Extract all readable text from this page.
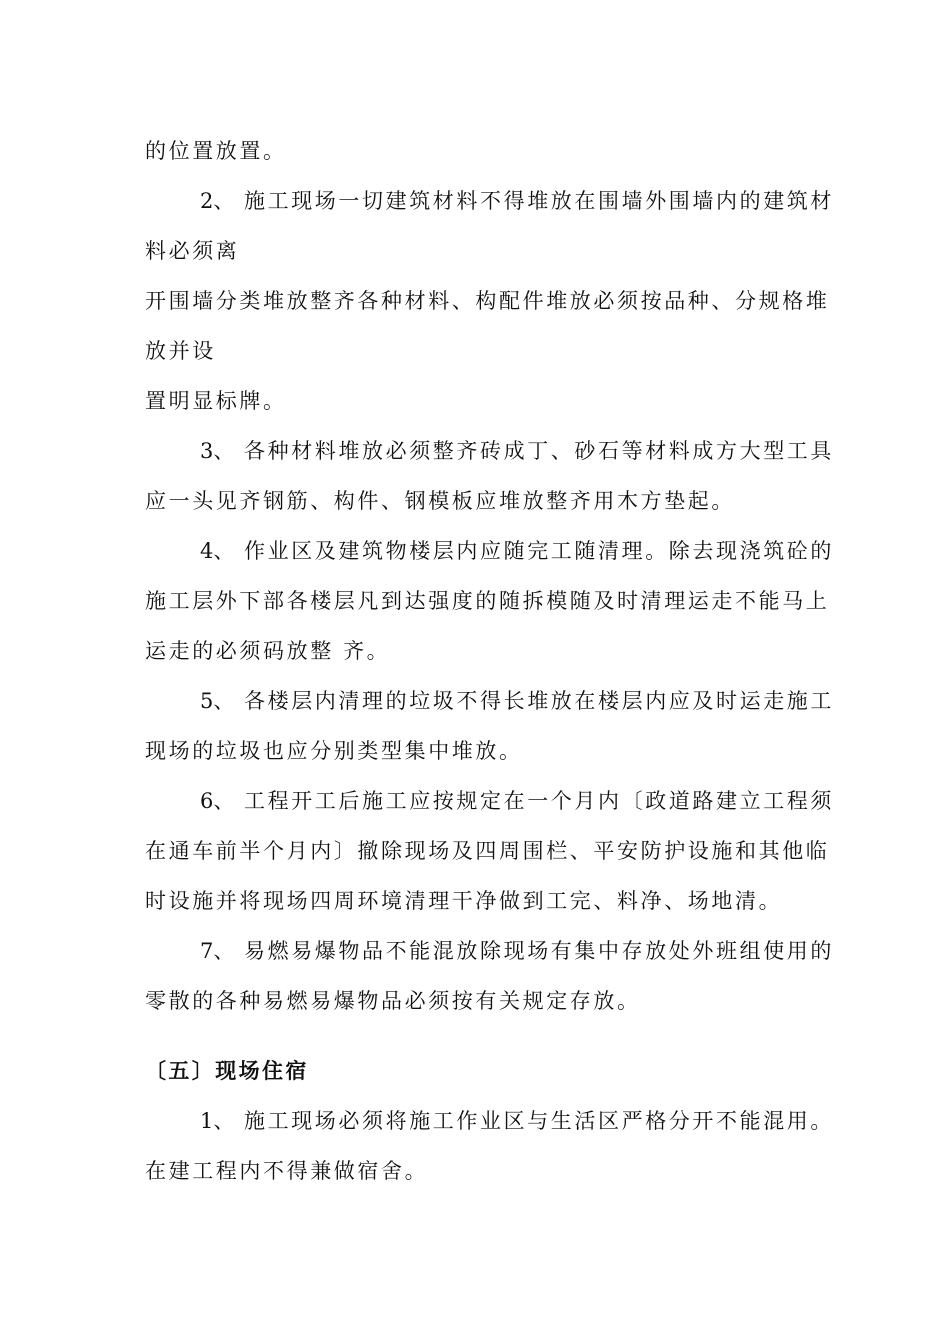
的位置放置。
2、 施工现场一切建筑材料不得堆放在围墙外围墙内的建筑材
料必须离
开围墙分类堆放整齐各种材料、构配件堆放必须按品种、分规格堆
放并设
置明显标牌。
3、 各种材料堆放必须整齐砖成丁、砂石等材料成方大型工具
应一头见齐钢筋、构件、钢模板应堆放整齐用木方垫起。
4、 作业区及建筑物楼层内应随完工随清理。除去现浇筑砼的
施工层外下部各楼层凡到达强度的随拆模随及时清理运走不能马上
运走的必须码放整 齐。
5、 各楼层内清理的垃圾不得长堆放在楼层内应及时运走施工
现场的垃圾也应分别类型集中堆放。
6、 工程开工后施工应按规定在一个月内〔政道路建立工程须
在通车前半个月内〕撤除现场及四周围栏、平安防护设施和其他临
时设施并将现场四周环境清理干净做到工完、料净、场地清。
7、 易燃易爆物品不能混放除现场有集中存放处外班组使用的
零散的各种易燃易爆物品必须按有关规定存放。
〔五〕现场住宿
1、 施工现场必须将施工作业区与生活区严格分开不能混用。
在建工程内不得兼做宿舍。
